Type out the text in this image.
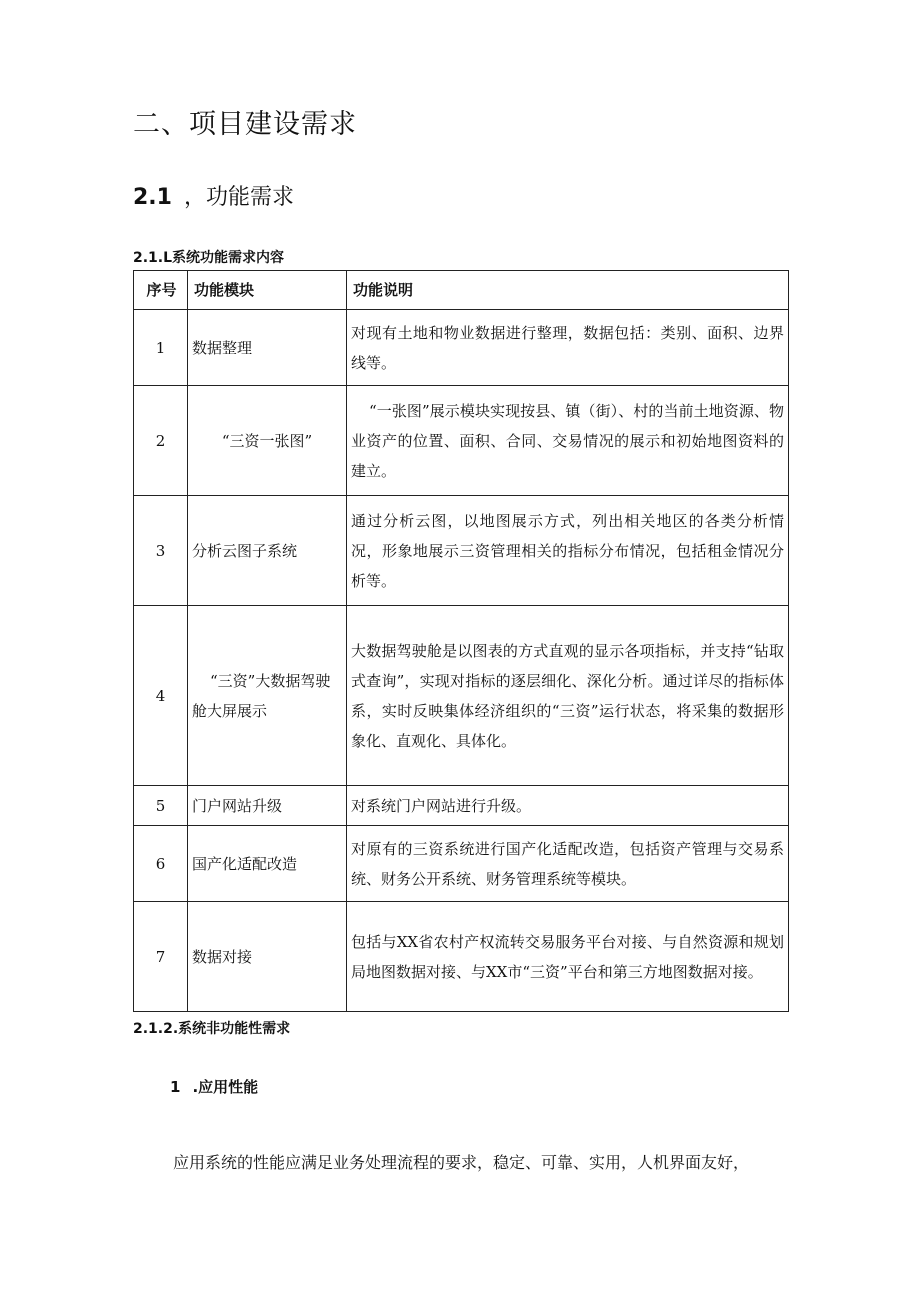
二、项目建设需求
2.1 ，功能需求
2.1.L系统功能需求内容
序号	功能模块	功能说明
1	数据整理	对现有土地和物业数据进行整理，数据包括：类别、面积、边界线等。
2	“三资一张图”	“一张图”展示模块实现按县、镇（街）、村的当前土地资源、物业资产的位置、面积、合同、交易情况的展示和初始地图资料的建立。
3	分析云图子系统	通过分析云图，以地图展示方式，列出相关地区的各类分析情况，形象地展示三资管理相关的指标分布情况，包括租金情况分析等。
4	“三资”大数据驾驶舱大屏展示	大数据驾驶舱是以图表的方式直观的显示各项指标，并支持“钻取式查询”，实现对指标的逐层细化、深化分析。通过详尽的指标体系，实时反映集体经济组织的“三资”运行状态，将采集的数据形象化、直观化、具体化。
5	门户网站升级	对系统门户网站进行升级。
6	国产化适配改造	对原有的三资系统进行国产化适配改造，包括资产管理与交易系统、财务公开系统、财务管理系统等模块。
7	数据对接	包括与XX省农村产权流转交易服务平台对接、与自然资源和规划局地图数据对接、与XX市“三资”平台和第三方地图数据对接。
2.1.2.系统非功能性需求
1 .应用性能
应用系统的性能应满足业务处理流程的要求，稳定、可靠、实用，人机界面友好，
